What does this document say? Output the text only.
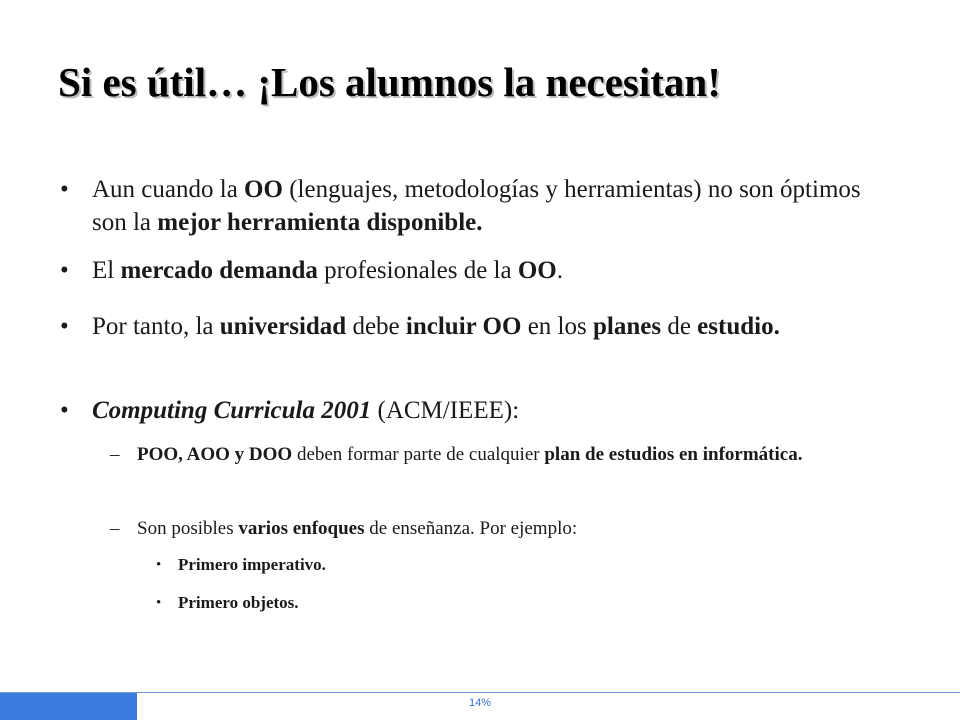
Si es útil… ¡Los alumnos la necesitan!
• Aun cuando la OO (lenguajes, metodologías y herramientas) no son óptimos son la mejor herramienta disponible.
• El mercado demanda profesionales de la OO.
• Por tanto, la universidad debe incluir OO en los planes de estudio.
• Computing Curricula 2001 (ACM/IEEE):
– POO, AOO y DOO deben formar parte de cualquier plan de estudios en informática.
– Son posibles varios enfoques de enseñanza. Por ejemplo:
• Primero imperativo.
• Primero objetos.
14%
